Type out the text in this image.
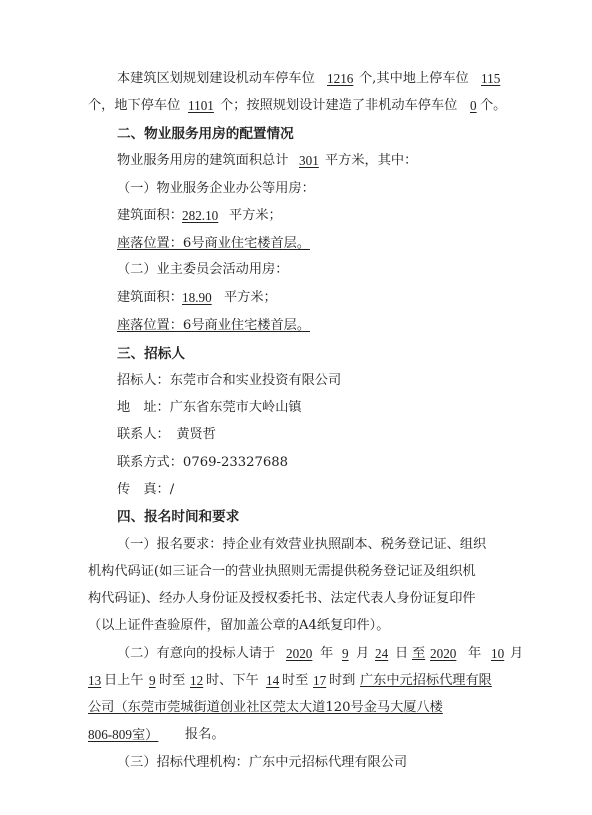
本建筑区划规划建设机动车停车位 1216 个,其中地上停车位 115
个，地下停车位 1101 个；按照规划设计建造了非机动车停车位 0 个。
二、物业服务用房的配置情况
物业服务用房的建筑面积总计 301 平方米，其中：
（一）物业服务企业办公等用房：
建筑面积： 282.10 平方米；
座落位置：6号商业住宅楼首层。
（二）业主委员会活动用房：
建筑面积： 18.90 平方米；
座落位置：6号商业住宅楼首层。
三、招标人
招标人：东莞市合和实业投资有限公司
地　址：广东省东莞市大岭山镇
联系人：　黄贤哲
联系方式：0769-23327688
传　真：/
四、报名时间和要求
（一）报名要求：持企业有效营业执照副本、税务登记证、组织
机构代码证(如三证合一的营业执照则无需提供税务登记证及组织机
构代码证)、经办人身份证及授权委托书、法定代表人身份证复印件
（以上证件查验原件，留加盖公章的A4纸复印件）。
（二）有意向的投标人请于 2020 年 9 月 24 日 至 2020 年 10 月
13 日上午 9 时至 12 时、下午 14 时至 17 时到 广东中元招标代理有限
公司（东莞市莞城街道创业社区莞太大道120号金马大厦八楼
806-809室） 报名。
（三）招标代理机构：广东中元招标代理有限公司
